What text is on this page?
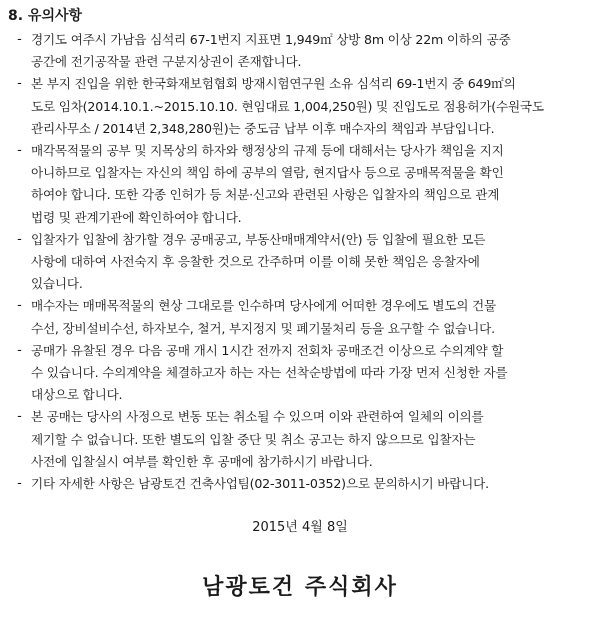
8. 유의사항
- 경기도 여주시 가남읍 심석리 67-1번지 지표면 1,949㎡ 상방 8m 이상 22m 이하의 공중
공간에 전기공작물 관련 구분지상권이 존재합니다.
- 본 부지 진입을 위한 한국화재보험협회 방재시험연구원 소유 심석리 69-1번지 중 649㎡의
도로 임차(2014.10.1.~2015.10.10. 현임대료 1,004,250원) 및 진입도로 점용허가(수원국도
관리사무소 / 2014년 2,348,280원)는 중도금 납부 이후 매수자의 책임과 부담입니다.
- 매각목적물의 공부 및 지목상의 하자와 행정상의 규제 등에 대해서는 당사가 책임을 지지
아니하므로 입찰자는 자신의 책임 하에 공부의 열람, 현지답사 등으로 공매목적물을 확인
하여야 합니다. 또한 각종 인허가 등 처분·신고와 관련된 사항은 입찰자의 책임으로 관계
법령 및 관계기관에 확인하여야 합니다.
- 입찰자가 입찰에 참가할 경우 공매공고, 부동산매매계약서(안) 등 입찰에 필요한 모든
사항에 대하여 사전숙지 후 응찰한 것으로 간주하며 이를 이해 못한 책임은 응찰자에
있습니다.
- 매수자는 매매목적물의 현상 그대로를 인수하며 당사에게 어떠한 경우에도 별도의 건물
수선, 장비설비수선, 하자보수, 철거, 부지정지 및 폐기물처리 등을 요구할 수 없습니다.
- 공매가 유찰된 경우 다음 공매 개시 1시간 전까지 전회차 공매조건 이상으로 수의계약 할
수 있습니다. 수의계약을 체결하고자 하는 자는 선착순방법에 따라 가장 먼저 신청한 자를
대상으로 합니다.
- 본 공매는 당사의 사정으로 변동 또는 취소될 수 있으며 이와 관련하여 일체의 이의를
제기할 수 없습니다. 또한 별도의 입찰 중단 및 취소 공고는 하지 않으므로 입찰자는
사전에 입찰실시 여부를 확인한 후 공매에 참가하시기 바랍니다.
- 기타 자세한 사항은 남광토건 건축사업팀(02-3011-0352)으로 문의하시기 바랍니다.
2015년 4월 8일
남광토건 주식회사
